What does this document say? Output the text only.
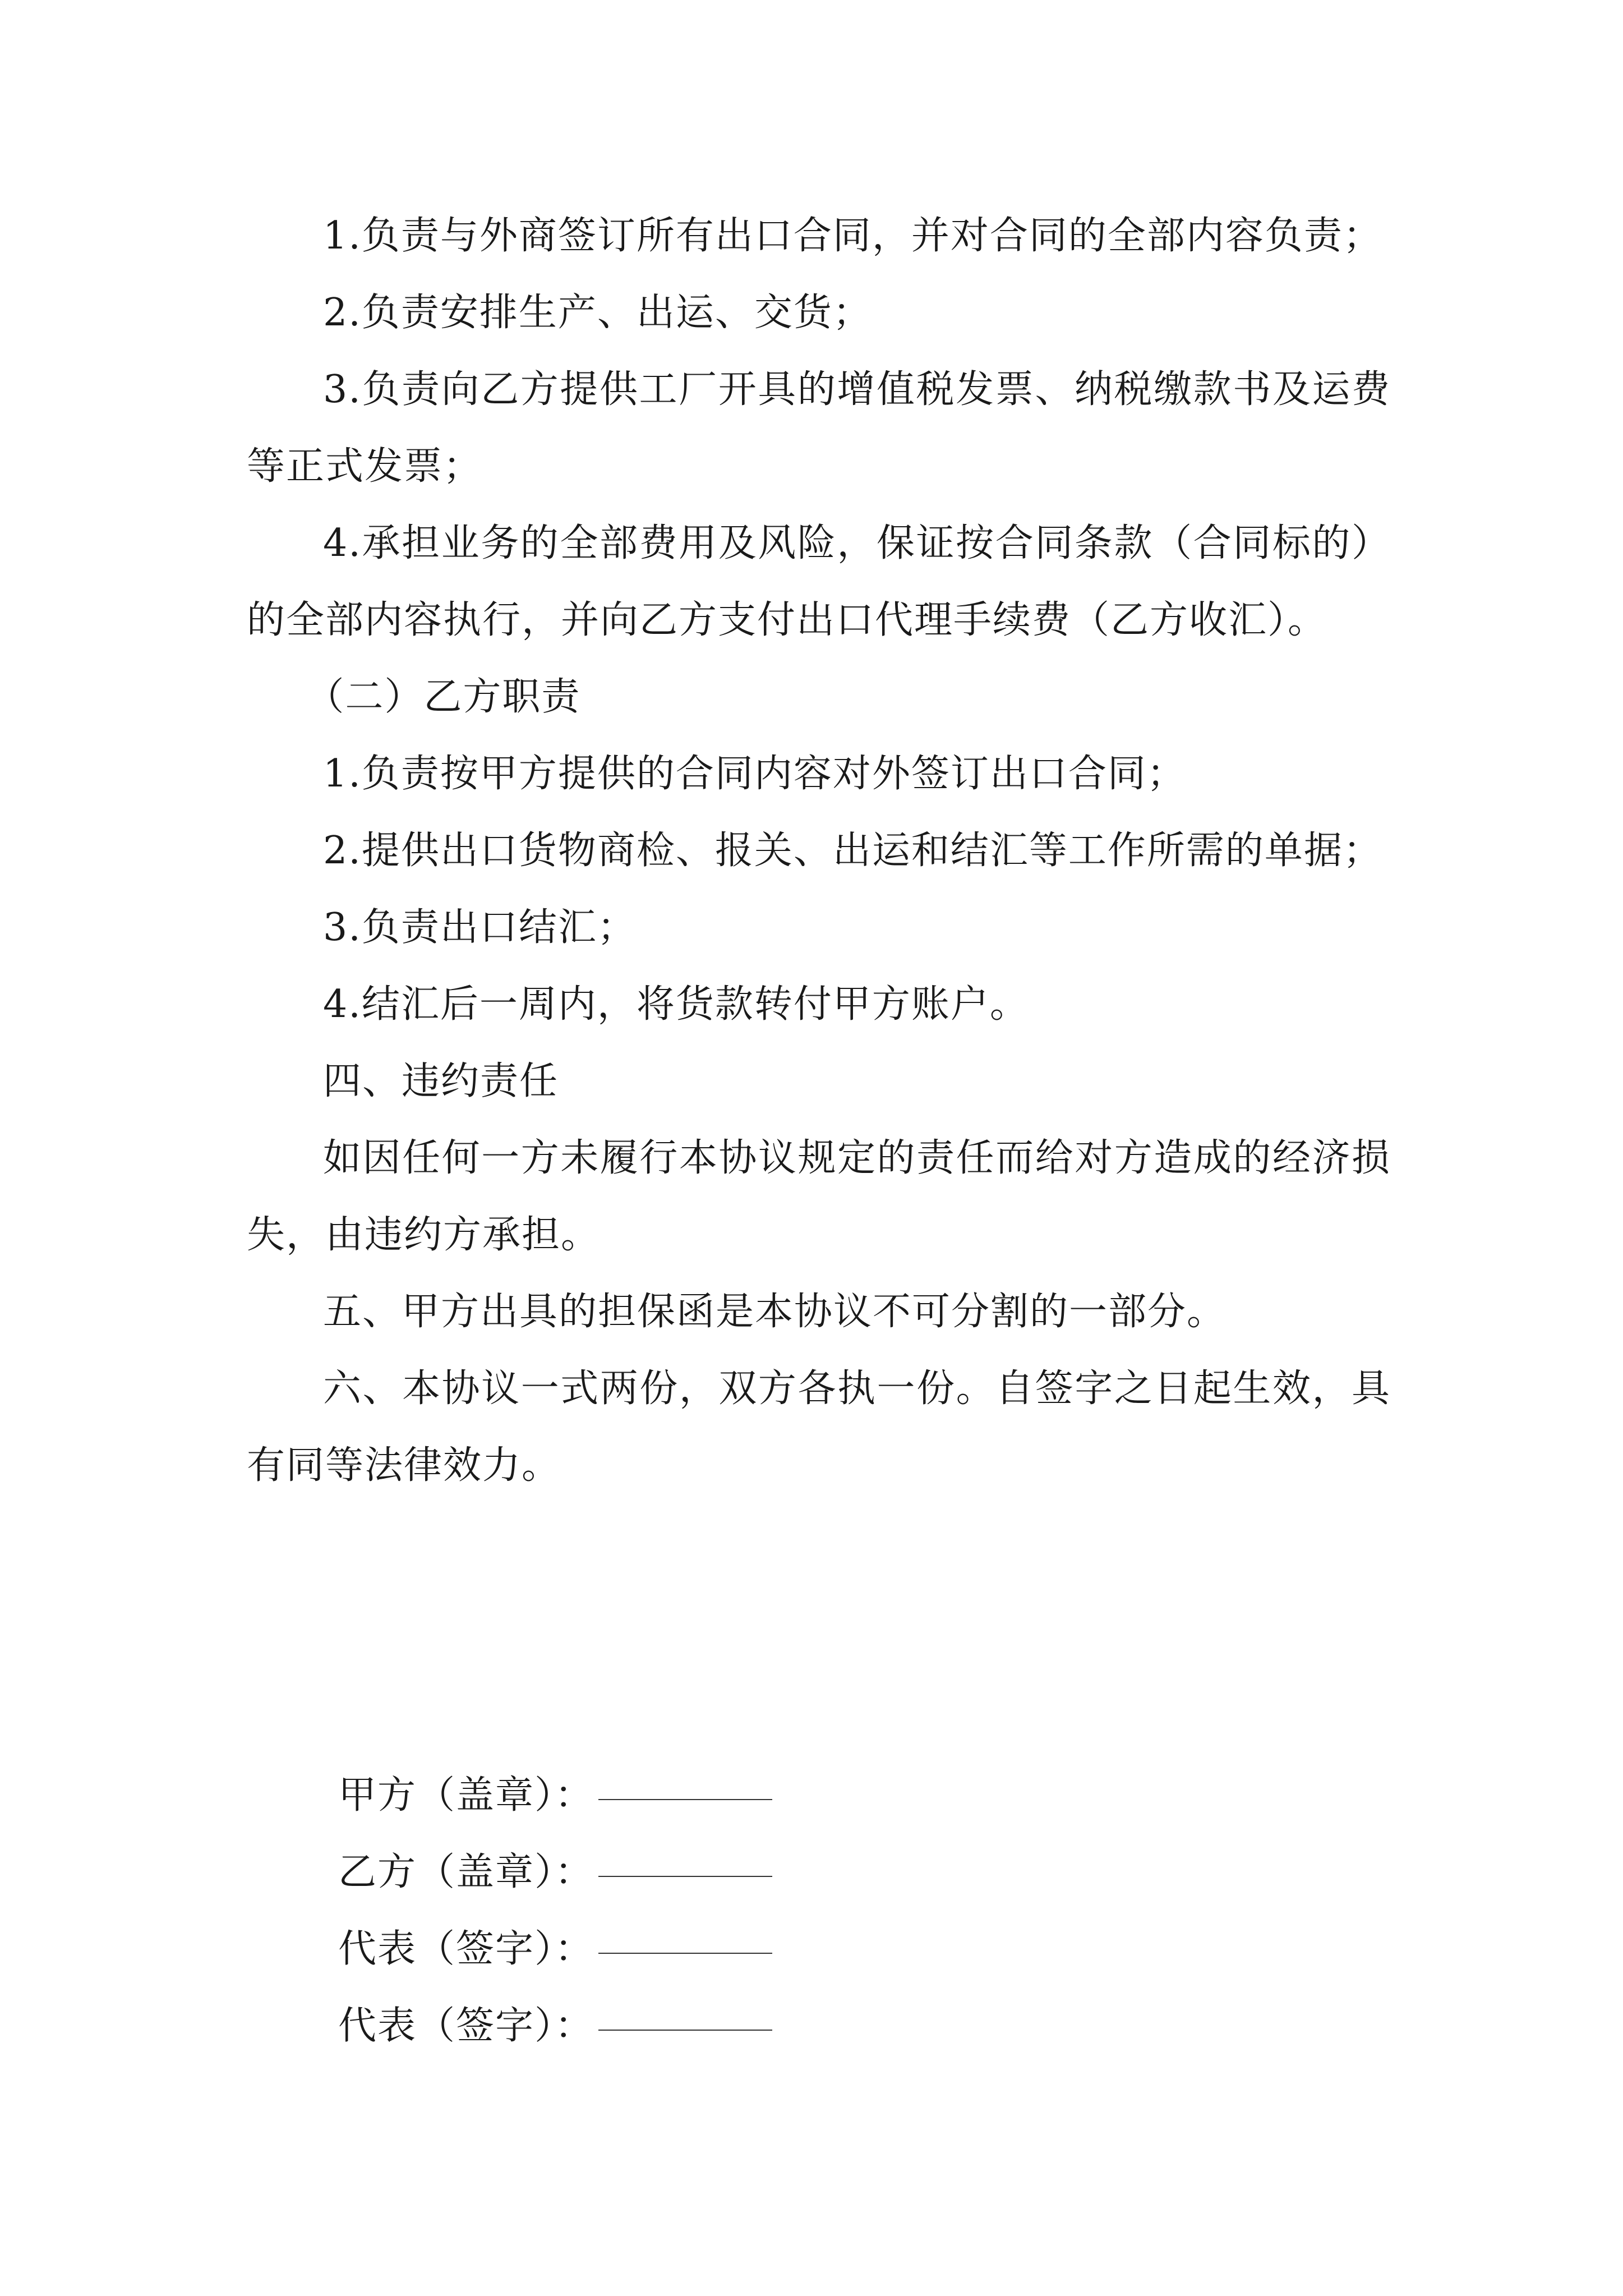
1.负责与外商签订所有出口合同，并对合同的全部内容负责；

2.负责安排生产、出运、交货；

3.负责向乙方提供工厂开具的增值税发票、纳税缴款书及运费等正式发票；

4.承担业务的全部费用及风险，保证按合同条款（合同标的）的全部内容执行，并向乙方支付出口代理手续费（乙方收汇）。

（二）乙方职责

1.负责按甲方提供的合同内容对外签订出口合同；

2.提供出口货物商检、报关、出运和结汇等工作所需的单据；

3.负责出口结汇；

4.结汇后一周内，将货款转付甲方账户。

四、违约责任

如因任何一方未履行本协议规定的责任而给对方造成的经济损失，由违约方承担。

五、甲方出具的担保函是本协议不可分割的一部分。

六、本协议一式两份，双方各执一份。自签字之日起生效，具有同等法律效力。

甲方（盖章）：
乙方（盖章）：
代表（签字）：
代表（签字）：
